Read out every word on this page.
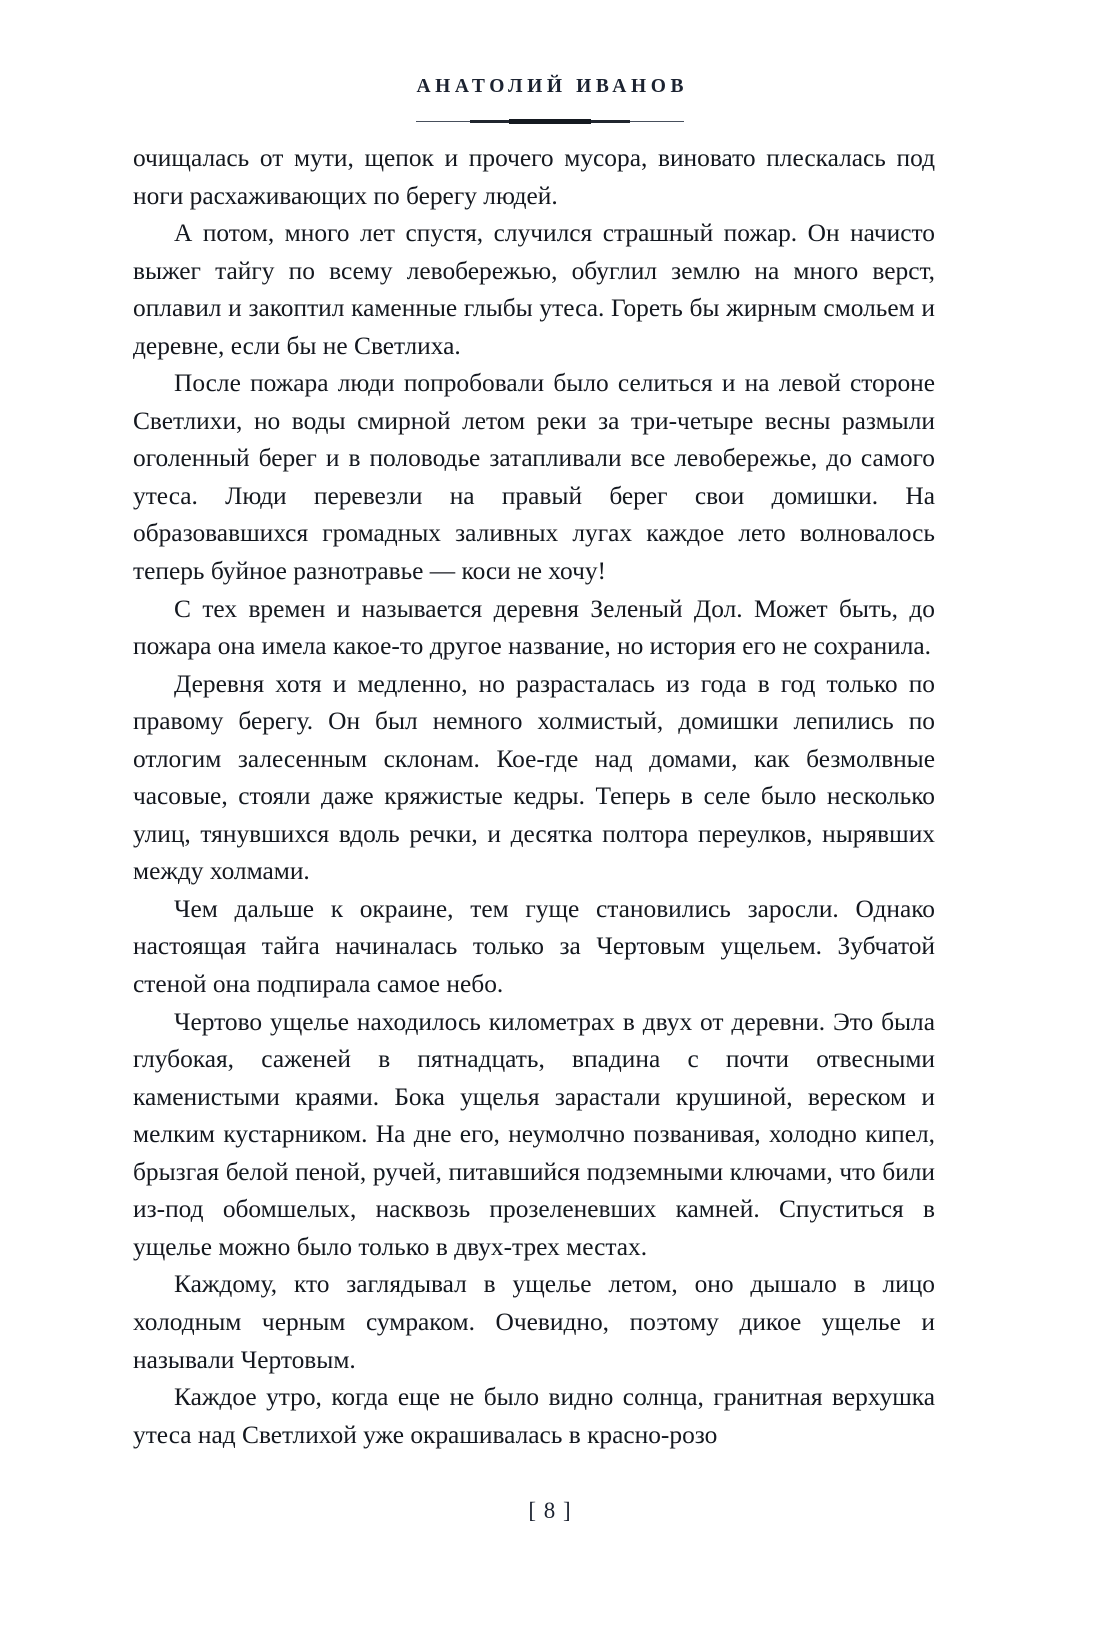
АНАТОЛИЙ ИВАНОВ

очищалась от мути, щепок и прочего мусора, виновато плескалась под ноги расхаживающих по берегу людей.

А потом, много лет спустя, случился страшный пожар. Он начисто выжег тайгу по всему левобережью, обуглил землю на много верст, оплавил и закоптил каменные глыбы утеса. Гореть бы жирным смольем и деревне, если бы не Светлиха.

После пожара люди попробовали было селиться и на левой стороне Светлихи, но воды смирной летом реки за три-четыре весны размыли оголенный берег и в половодье затапливали все левобережье, до самого утеса. Люди перевезли на правый берег свои домишки. На образовавшихся громадных заливных лугах каждое лето волновалось теперь буйное разнотравье — коси не хочу!

С тех времен и называется деревня Зеленый Дол. Может быть, до пожара она имела какое-то другое название, но история его не сохранила.

Деревня хотя и медленно, но разрасталась из года в год только по правому берегу. Он был немного холмистый, домишки лепились по отлогим залесенным склонам. Кое-где над домами, как безмолвные часовые, стояли даже кряжистые кедры. Теперь в селе было несколько улиц, тянувшихся вдоль речки, и десятка полтора переулков, нырявших между холмами.

Чем дальше к окраине, тем гуще становились заросли. Однако настоящая тайга начиналась только за Чертовым ущельем. Зубчатой стеной она подпирала самое небо.

Чертово ущелье находилось километрах в двух от деревни. Это была глубокая, саженей в пятнадцать, впадина с почти отвесными каменистыми краями. Бока ущелья зарастали крушиной, вереском и мелким кустарником. На дне его, неумолчно позванивая, холодно кипел, брызгая белой пеной, ручей, питавшийся подземными ключами, что били из-под обомшелых, насквозь прозеленевших камней. Спуститься в ущелье можно было только в двух-трех местах.

Каждому, кто заглядывал в ущелье летом, оно дышало в лицо холодным черным сумраком. Очевидно, поэтому дикое ущелье и называли Чертовым.

Каждое утро, когда еще не было видно солнца, гранитная верхушка утеса над Светлихой уже окрашивалась в красно-розо

[ 8 ]
